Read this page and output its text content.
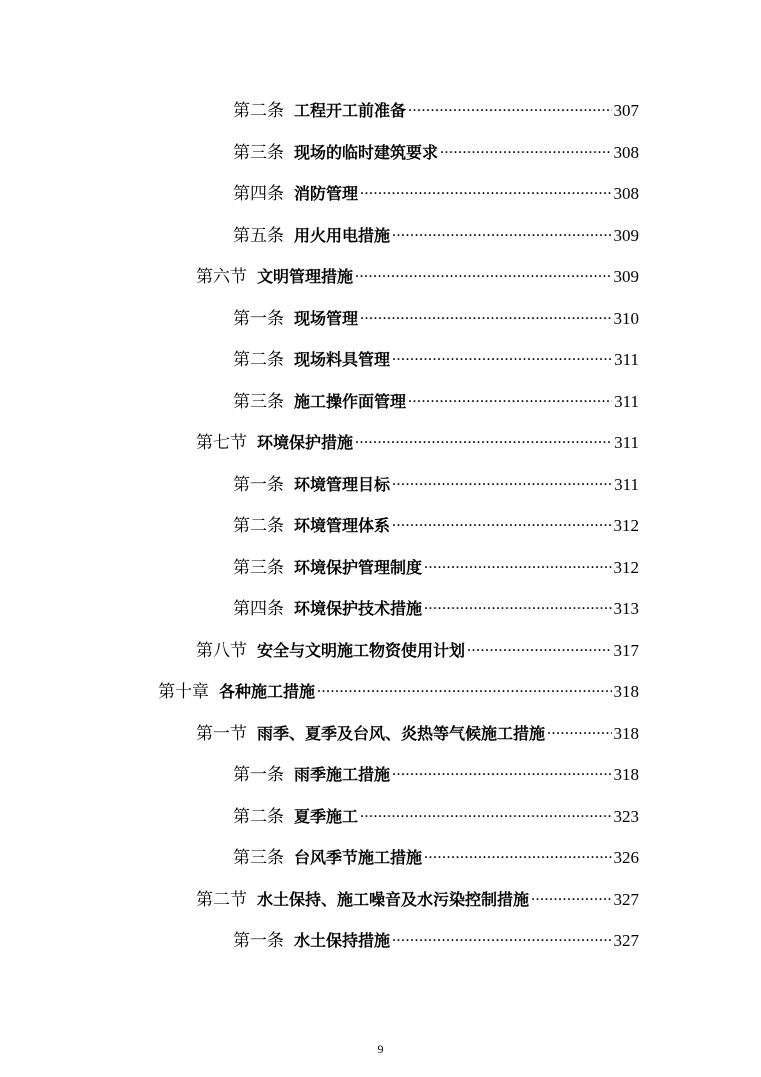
第二条 工程开工前准备 .....	307
第三条 现场的临时建筑要求 .....	308
第四条 消防管理 .....	308
第五条 用火用电措施 .....	309
第六节 文明管理措施 .....	309
第一条 现场管理 .....	310
第二条 现场料具管理 .....	311
第三条 施工操作面管理 .....	311
第七节 环境保护措施 .....	311
第一条 环境管理目标 .....	311
第二条 环境管理体系 .....	312
第三条 环境保护管理制度 .....	312
第四条 环境保护技术措施 .....	313
第八节 安全与文明施工物资使用计划 .....	317
第十章 各种施工措施 .....	318
第一节 雨季、夏季及台风、炎热等气候施工措施 .....	318
第一条 雨季施工措施 .....	318
第二条 夏季施工 .....	323
第三条 台风季节施工措施 .....	326
第二节 水土保持、施工噪音及水污染控制措施 .....	327
第一条 水土保持措施 .....	327
9
